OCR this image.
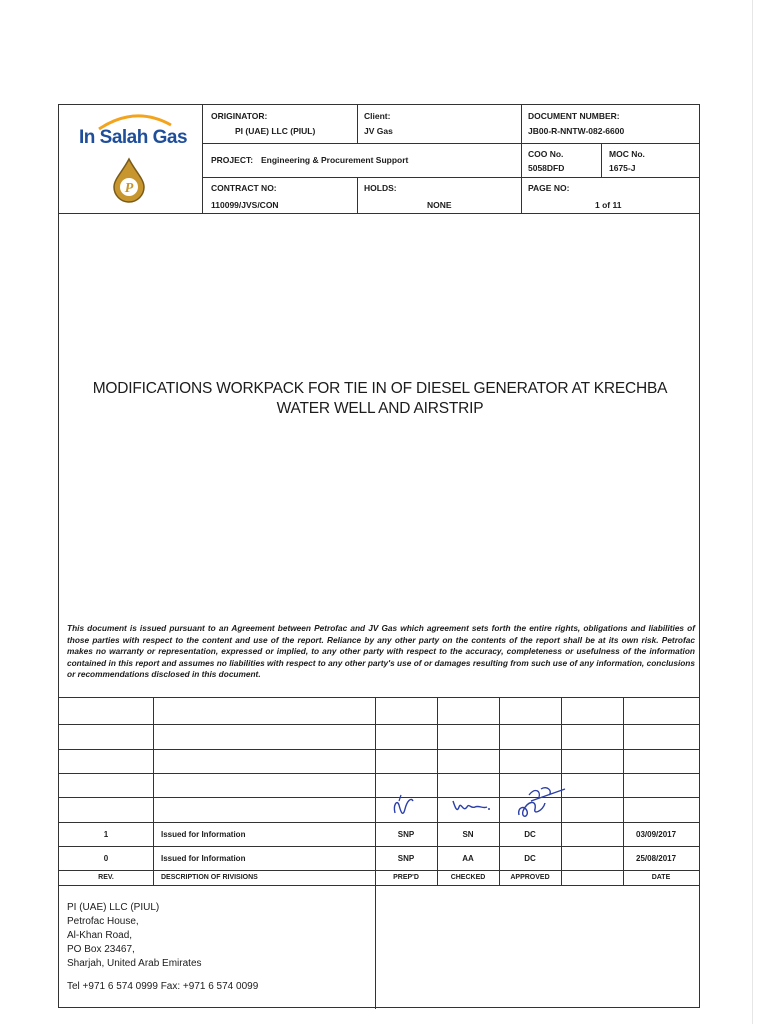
In Salah Gas
P
ORIGINATOR:
PI (UAE) LLC (PIUL)
Client:
JV Gas
DOCUMENT NUMBER:
JB00-R-NNTW-082-6600
PROJECT: Engineering & Procurement Support
COO No.
5058DFD
MOC No.
1675-J
CONTRACT NO:
110099/JVS/CON
HOLDS:
NONE
PAGE NO:
1 of 11
MODIFICATIONS WORKPACK FOR TIE IN OF DIESEL GENERATOR AT KRECHBA
WATER WELL AND AIRSTRIP
This document is issued pursuant to an Agreement between Petrofac and JV Gas which agreement sets forth the entire rights, obligations and liabilities of those parties with respect to the content and use of the report. Reliance by any other party on the contents of the report shall be at its own risk. Petrofac makes no warranty or representation, expressed or implied, to any other party with respect to the accuracy, completeness or usefulness of the information contained in this report and assumes no liabilities with respect to any other party's use of or damages resulting from such use of any information, conclusions or recommendations disclosed in this document.
1	Issued for Information	SNP	SN	DC	03/09/2017
0	Issued for Information	SNP	AA	DC	25/08/2017
REV.	DESCRIPTION OF RIVISIONS	PREP'D	CHECKED	APPROVED	DATE
PI (UAE) LLC (PIUL)
Petrofac House,
Al-Khan Road,
PO Box 23467,
Sharjah, United Arab Emirates
Tel +971 6 574 0999 Fax: +971 6 574 0099
